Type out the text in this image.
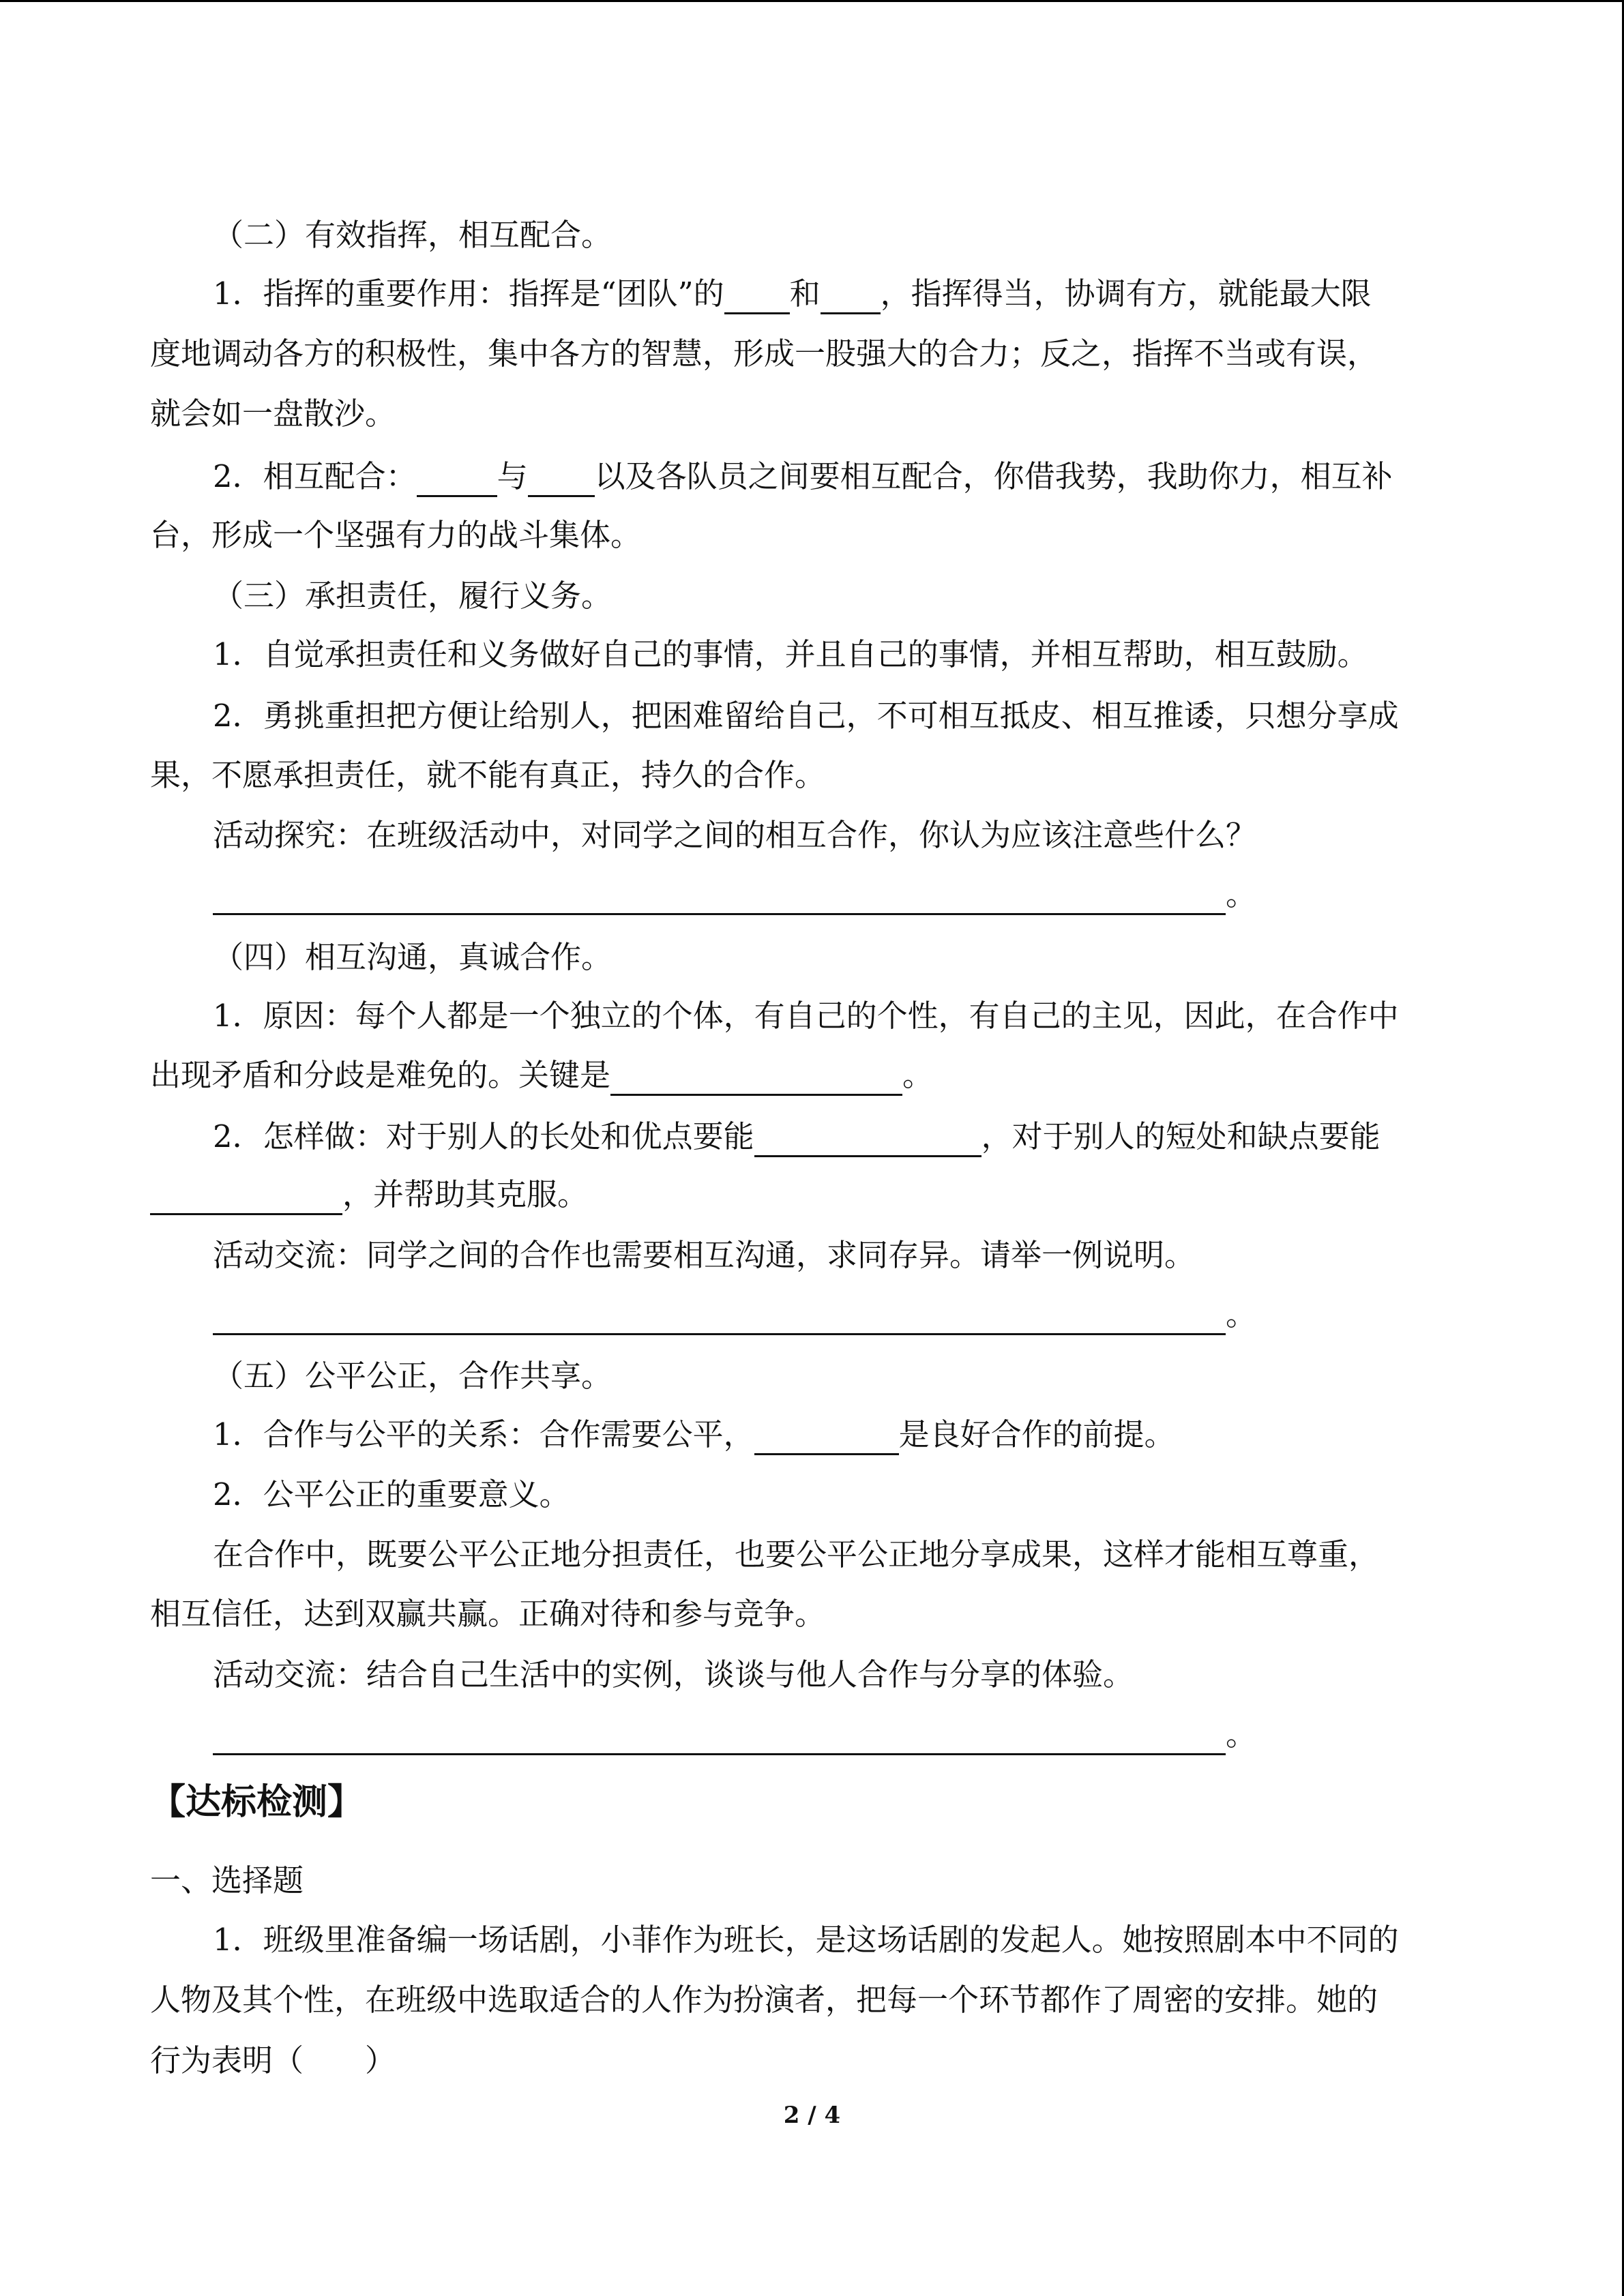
（二）有效指挥，相互配合。
1．指挥的重要作用：指挥是“团队”的 和 ，指挥得当，协调有方，就能最大限
度地调动各方的积极性，集中各方的智慧，形成一股强大的合力；反之，指挥不当或有误，
就会如一盘散沙。
2．相互配合：	与 以及各队员之间要相互配合，你借我势，我助你力，相互补
台，形成一个坚强有力的战斗集体。
（三）承担责任，履行义务。
1．自觉承担责任和义务做好自己的事情，并且自己的事情，并相互帮助，相互鼓励。
2．勇挑重担把方便让给别人，把困难留给自己，不可相互抵皮、相互推诿，只想分享成
果，不愿承担责任，就不能有真正，持久的合作。
活动探究：在班级活动中，对同学之间的相互合作，你认为应该注意些什么？
。
（四）相互沟通，真诚合作。
1．原因：每个人都是一个独立的个体，有自己的个性，有自己的主见，因此，在合作中
出现矛盾和分歧是难免的。关键是	。
2．怎样做：对于别人的长处和优点要能	，对于别人的短处和缺点要能
，并帮助其克服。
活动交流：同学之间的合作也需要相互沟通，求同存异。请举一例说明。
。
（五）公平公正，合作共享。
1．合作与公平的关系：合作需要公平，	是良好合作的前提。
2．公平公正的重要意义。
在合作中，既要公平公正地分担责任，也要公平公正地分享成果，这样才能相互尊重，
相互信任，达到双赢共赢。正确对待和参与竞争。
活动交流：结合自己生活中的实例，谈谈与他人合作与分享的体验。
。
【达标检测】
一、选择题
1．班级里准备编一场话剧，小菲作为班长，是这场话剧的发起人。她按照剧本中不同的
人物及其个性，在班级中选取适合的人作为扮演者，把每一个环节都作了周密的安排。她的
行为表明（　　）
2 / 4
